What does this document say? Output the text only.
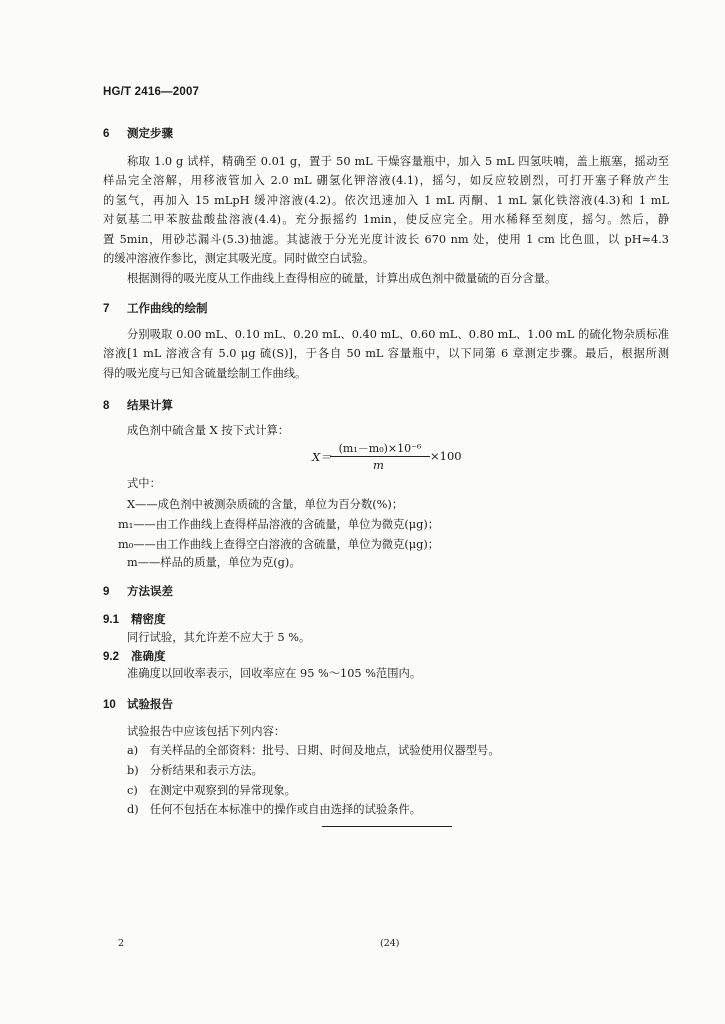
HG/T 2416—2007
6 测定步骤
称取 1.0 g 试样，精确至 0.01 g，置于 50 mL 干燥容量瓶中，加入 5 mL 四氢呋喃，盖上瓶塞，摇动至
样品完全溶解，用移液管加入 2.0 mL 硼氢化钾溶液(4.1)，摇匀，如反应较剧烈，可打开塞子释放产生
的氢气，再加入 15 mLpH 缓冲溶液(4.2)。依次迅速加入 1 mL 丙酮、1 mL 氯化铁溶液(4.3)和 1 mL
对氨基二甲苯胺盐酸盐溶液(4.4)。充分振摇约 1min，使反应完全。用水稀释至刻度，摇匀。然后，静
置 5min，用砂芯漏斗(5.3)抽滤。其滤液于分光光度计波长 670 nm 处，使用 1 cm 比色皿，以 pH≈4.3
的缓冲溶液作参比，测定其吸光度。同时做空白试验。
根据测得的吸光度从工作曲线上查得相应的硫量，计算出成色剂中微量硫的百分含量。
7 工作曲线的绘制
分别吸取 0.00 mL、0.10 mL、0.20 mL、0.40 mL、0.60 mL、0.80 mL、1.00 mL 的硫化物杂质标准
溶液[1 mL 溶液含有 5.0 μg 硫(S)]，于各自 50 mL 容量瓶中，以下同第 6 章测定步骤。最后，根据所测
得的吸光度与已知含硫量绘制工作曲线。
8 结果计算
成色剂中硫含量 X 按下式计算：
X＝
(m₁－m₀)×10⁻⁶
m
×100
式中：
X——成色剂中被测杂质硫的含量，单位为百分数(%)；
m₁——由工作曲线上查得样品溶液的含硫量，单位为微克(μg)；
m₀——由工作曲线上查得空白溶液的含硫量，单位为微克(μg)；
m——样品的质量，单位为克(g)。
9 方法误差
9.1 精密度
同行试验，其允许差不应大于 5 %。
9.2 准确度
准确度以回收率表示，回收率应在 95 %～105 %范围内。
10 试验报告
试验报告中应该包括下列内容：
a)　有关样品的全部资料：批号、日期、时间及地点，试验使用仪器型号。
b)　分析结果和表示方法。
c)　在测定中观察到的异常现象。
d)　任何不包括在本标准中的操作或自由选择的试验条件。
2	(24)
